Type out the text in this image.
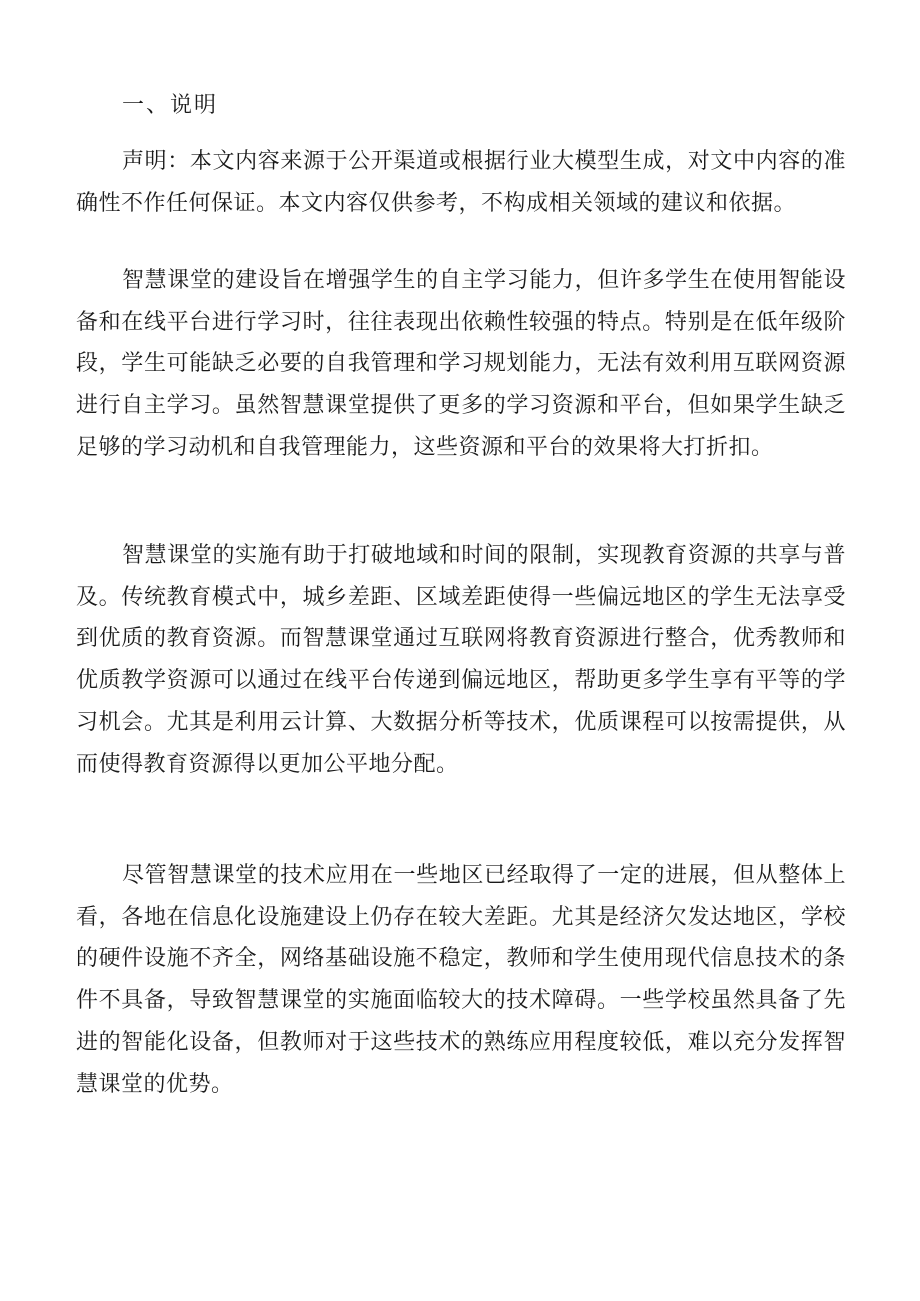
一、说明

声明：本文内容来源于公开渠道或根据行业大模型生成，对文中内容的准确性不作任何保证。本文内容仅供参考，不构成相关领域的建议和依据。

智慧课堂的建设旨在增强学生的自主学习能力，但许多学生在使用智能设备和在线平台进行学习时，往往表现出依赖性较强的特点。特别是在低年级阶段，学生可能缺乏必要的自我管理和学习规划能力，无法有效利用互联网资源进行自主学习。虽然智慧课堂提供了更多的学习资源和平台，但如果学生缺乏足够的学习动机和自我管理能力，这些资源和平台的效果将大打折扣。

智慧课堂的实施有助于打破地域和时间的限制，实现教育资源的共享与普及。传统教育模式中，城乡差距、区域差距使得一些偏远地区的学生无法享受到优质的教育资源。而智慧课堂通过互联网将教育资源进行整合，优秀教师和优质教学资源可以通过在线平台传递到偏远地区，帮助更多学生享有平等的学习机会。尤其是利用云计算、大数据分析等技术，优质课程可以按需提供，从而使得教育资源得以更加公平地分配。

尽管智慧课堂的技术应用在一些地区已经取得了一定的进展，但从整体上看，各地在信息化设施建设上仍存在较大差距。尤其是经济欠发达地区，学校的硬件设施不齐全，网络基础设施不稳定，教师和学生使用现代信息技术的条件不具备，导致智慧课堂的实施面临较大的技术障碍。一些学校虽然具备了先进的智能化设备，但教师对于这些技术的熟练应用程度较低，难以充分发挥智慧课堂的优势。
